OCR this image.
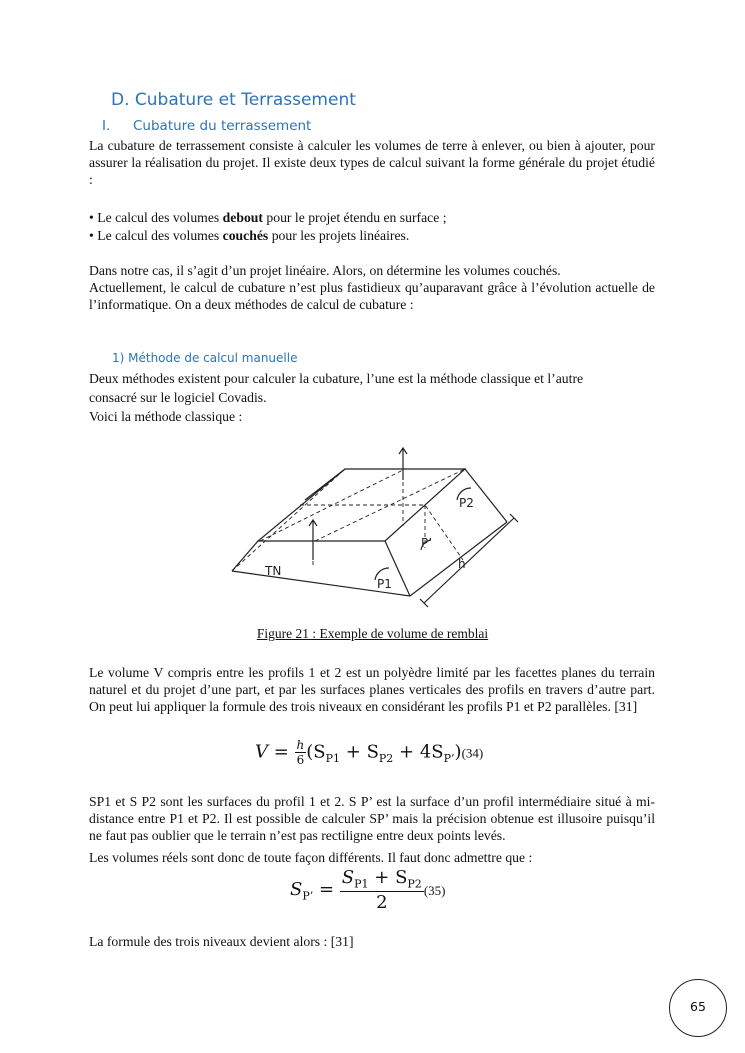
D. Cubature et Terrassement
I. Cubature du terrassement
La cubature de terrassement consiste à calculer les volumes de terre à enlever, ou bien à ajouter, pour assurer la réalisation du projet. Il existe deux types de calcul suivant la forme générale du projet étudié :
• Le calcul des volumes debout pour le projet étendu en surface ;
• Le calcul des volumes couchés pour les projets linéaires.
Dans notre cas, il s’agit d’un projet linéaire. Alors, on détermine les volumes couchés.
Actuellement, le calcul de cubature n’est plus fastidieux qu’auparavant grâce à l’évolution actuelle de l’informatique. On a deux méthodes de calcul de cubature :
1) Méthode de calcul manuelle
Deux méthodes existent pour calculer la cubature, l’une est la méthode classique et l’autre
consacré sur le logiciel Covadis.
Voici la méthode classique :
TN
P1
P2
P’
h
Figure 21 : Exemple de volume de remblai
Le volume V compris entre les profils 1 et 2 est un polyèdre limité par les facettes planes du terrain naturel et du projet d’une part, et par les surfaces planes verticales des profils en travers d’autre part. On peut lui appliquer la formule des trois niveaux en considérant les profils P1 et P2 parallèles. [31]
$V = \frac{h}{6} (S_{P1} + S_{P2} + 4S_{P’})(34)$
SP1 et S P2 sont les surfaces du profil 1 et 2. S P’ est la surface d’un profil intermédiaire situé à mi-distance entre P1 et P2. Il est possible de calculer SP’ mais la précision obtenue est illusoire puisqu’il ne faut pas oublier que le terrain n’est pas rectiligne entre deux points levés.
Les volumes réels sont donc de toute façon différents. Il faut donc admettre que :
$S_{P’} = \frac{S_{P1} + S_{P2}}{2} (35)$
La formule des trois niveaux devient alors : [31]
65
